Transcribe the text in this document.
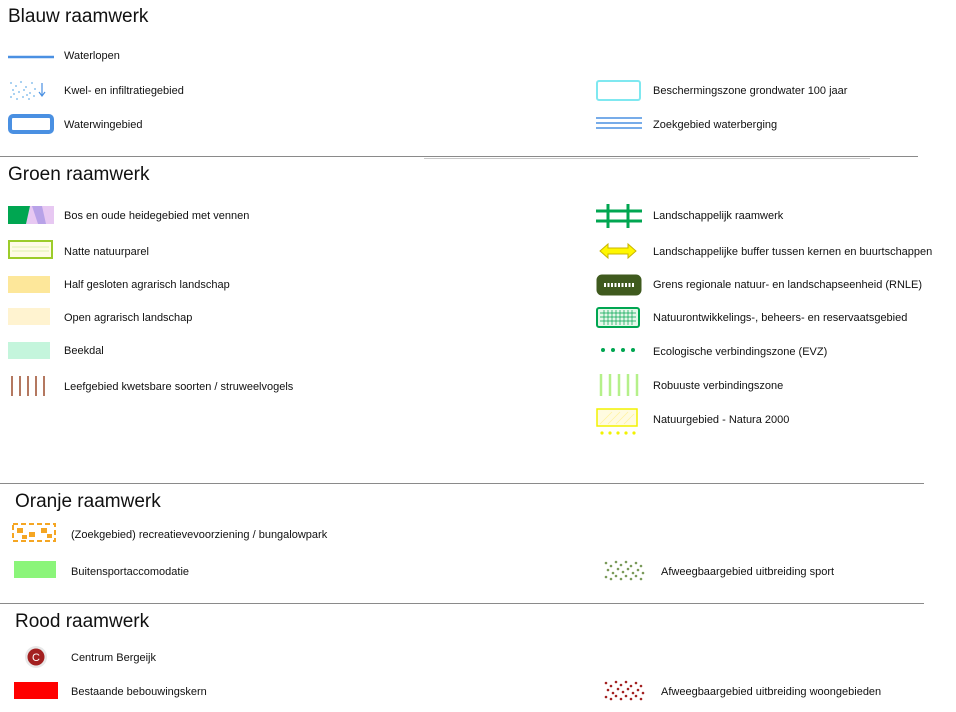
Blauw raamwerk
Waterlopen
Kwel- en infiltratiegebied
Waterwingebied
Beschermingszone grondwater 100 jaar
Zoekgebied waterberging
Groen raamwerk
Bos en oude heidegebied met vennen
Natte natuurparel
Half gesloten agrarisch landschap
Open agrarisch landschap
Beekdal
Leefgebied kwetsbare soorten / struweelvogels
Landschappelijk raamwerk
Landschappelijke buffer tussen kernen en buurtschappen
Grens regionale natuur- en landschapseenheid (RNLE)
Natuurontwikkelings-, beheers- en reservaatsgebied
Ecologische verbindingszone (EVZ)
Robuuste verbindingszone
Natuurgebied - Natura 2000
Oranje raamwerk
(Zoekgebied) recreatievevoorziening / bungalowpark
Buitensportaccomodatie	Afweegbaargebied uitbreiding sport
Rood raamwerk
C	Centrum Bergeijk
Bestaande bebouwingskern	Afweegbaargebied uitbreiding woongebieden
